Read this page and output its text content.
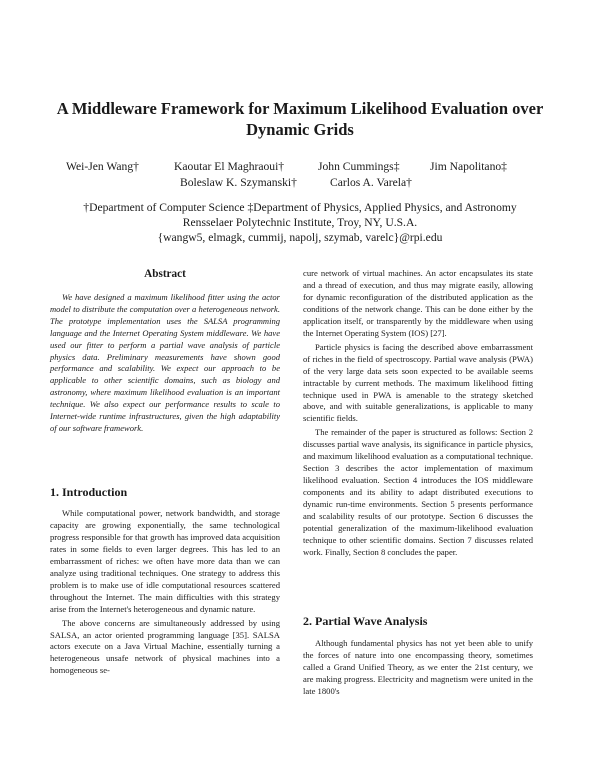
A Middleware Framework for Maximum Likelihood Evaluation over Dynamic Grids
Wei-Jen Wang†	Kaoutar El Maghraoui†	John Cummings‡	Jim Napolitano‡
Boleslaw K. Szymanski†	Carlos A. Varela†
†Department of Computer Science ‡Department of Physics, Applied Physics, and Astronomy
Rensselaer Polytechnic Institute, Troy, NY, U.S.A.
{wangw5, elmagk, cummij, napolj, szymab, varelc}@rpi.edu
Abstract

We have designed a maximum likelihood fitter using the actor model to distribute the computation over a heterogeneous network. The prototype implementation uses the SALSA programming language and the Internet Operating System middleware. We have used our fitter to perform a partial wave analysis of particle physics data. Preliminary measurements have shown good performance and scalability. We expect our approach to be applicable to other scientific domains, such as biology and astronomy, where maximum likelihood evaluation is an important technique. We also expect our performance results to scale to Internet-wide runtime infrastructures, given the high adaptability of our software framework.

1. Introduction

While computational power, network bandwidth, and storage capacity are growing exponentially, the same technological progress responsible for that growth has improved data acquisition rates in some fields to even larger degrees. This has led to an embarrassment of riches: we often have more data than we can analyze using traditional techniques. One strategy to address this problem is to make use of idle computational resources scattered throughout the Internet. The main difficulties with this strategy arise from the Internet's heterogeneous and dynamic nature.

The above concerns are simultaneously addressed by using SALSA, an actor oriented programming language [35]. SALSA actors execute on a Java Virtual Machine, essentially turning a heterogeneous unsafe network of physical machines into a homogeneous se-

cure network of virtual machines. An actor encapsulates its state and a thread of execution, and thus may migrate easily, allowing for dynamic reconfiguration of the distributed application as the conditions of the network change. This can be done either by the application itself, or transparently by the middleware when using the Internet Operating System (IOS) [27].

Particle physics is facing the described above embarrassment of riches in the field of spectroscopy. Partial wave analysis (PWA) of the very large data sets soon expected to be available seems intractable by current methods. The maximum likelihood fitting technique used in PWA is amenable to the strategy sketched above, and with suitable generalizations, is applicable to many scientific fields.

The remainder of the paper is structured as follows: Section 2 discusses partial wave analysis, its significance in particle physics, and maximum likelihood evaluation as a computational technique. Section 3 describes the actor implementation of maximum likelihood evaluation. Section 4 introduces the IOS middleware components and its ability to adapt distributed executions to dynamic run-time environments. Section 5 presents performance and scalability results of our prototype. Section 6 discusses the potential generalization of the maximum-likelihood evaluation technique to other scientific domains. Section 7 discusses related work. Finally, Section 8 concludes the paper.

2. Partial Wave Analysis

Although fundamental physics has not yet been able to unify the forces of nature into one encompassing theory, sometimes called a Grand Unified Theory, as we enter the 21st century, we are making progress. Electricity and magnetism were united in the late 1800's
